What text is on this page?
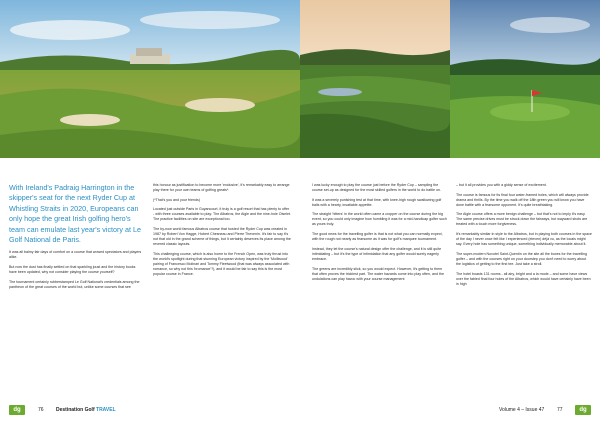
With Ireland's Padraig Harrington in the skipper's seat for the next Ryder Cup at Whistling Straits in 2020, Europeans can only hope the great Irish golfing hero's team can emulate last year's victory at Le Golf National de Paris.

It was all balmy fair days of comfort on a course that wowed spectators and players alike.

But now the dust has finally settled on that sparkling joust and the history books have been updated, why not consider playing the course yourself?

The tournament certainly rubberstamped Le Golf National's credentials among the pantheon of the great courses of the world but, unlike some courses that see

this honour as justification to become more 'exclusive', it's remarkably easy to arrange play there for your own teams of golfing greats*.

(*That's you and your friends)

Located just outside Paris in Guyancourt, it truly is a golf resort that has plenty to offer - with three courses available to play: The Albatros, the Aigle and the nine-hole Oiselet. The practice facilities on site are exceptional too.

The by-now world famous Albatros course that hosted the Ryder Cup was created in 1987 by Robert Von Hagge, Hubert Chesneau and Pierre Thevenin. It's fair to say it's not that old in the grand scheme of things, but it certainly deserves its place among the revered classic layouts.

This challenging course, which is also home to the French Open, was truly thrust into the world's spotlight during that stunning European victory inspired by the 'Molliwood' pairing of Francesco Molinari and Tommy Fleetwood (that was always associated with romance, so why not this 'bromance'?), and it would be fair to say this is the most popular course in France.

I was lucky enough to play the course just before the Ryder Cup – sampling the course set-up as designed for the most skilled golfers in the world to do battle on.

It was a severely punishing test at that time, with knee-high rough swallowing golf balls with a hearty, insatiable appetite.

The straight 'hitters' in the world often came a cropper on the course during the big event, so you could only imagine how humbling it was for a mid-handicap golfer such as yours truly.

The good news for the travelling golfer is that is not what you can normally expect, with the rough not nearly as fearsome as it was for golf's marquee tournament.

Instead, they let the course's natural design offer the challenge, and it is still quite intimidating – but it's the type of intimidation that any golfer would surely eagerly embrace.

The greens are incredibly slick, so you would expect. However, it's getting to them that often proves the trickiest part. The water hazards come into play often, and the undulations can play havoc with your course management

– but it all provides you with a giddy sense of excitement.

The course is famous for its final four water-framed holes, which will always provide drama and thrills. By the time you walk off the 18th green you will know you have done battle with a fearsome opponent. It's quite breathtaking.

The Aigle course offers a more benign challenge – but that's not to imply it's easy. The same precise drives must be struck down the fairways, but wayward shots are treated with a touch more forgiveness.

It's remarkably similar in style to the Albatros, but in playing both courses in the space of the day I never once felt like I experienced (eleven) déjà vu, as the locals might say. Every hole has something unique, something individually memorable about it.

The super-modern Novotel Saint-Quentin on the site all the boxes for the travelling golfer – and with the courses right on your doorstep you don't need to worry about the logistics of getting to the first tee. Just take a stroll.

The hotel boasts 131 rooms - all airy, bright and a la mode – and some have views over the fabled final four holes of the Albatros, which would have certainly have been in high

dg	76 Destination Golf TRAVEL	Volume 4 – Issue 47	77	dg
